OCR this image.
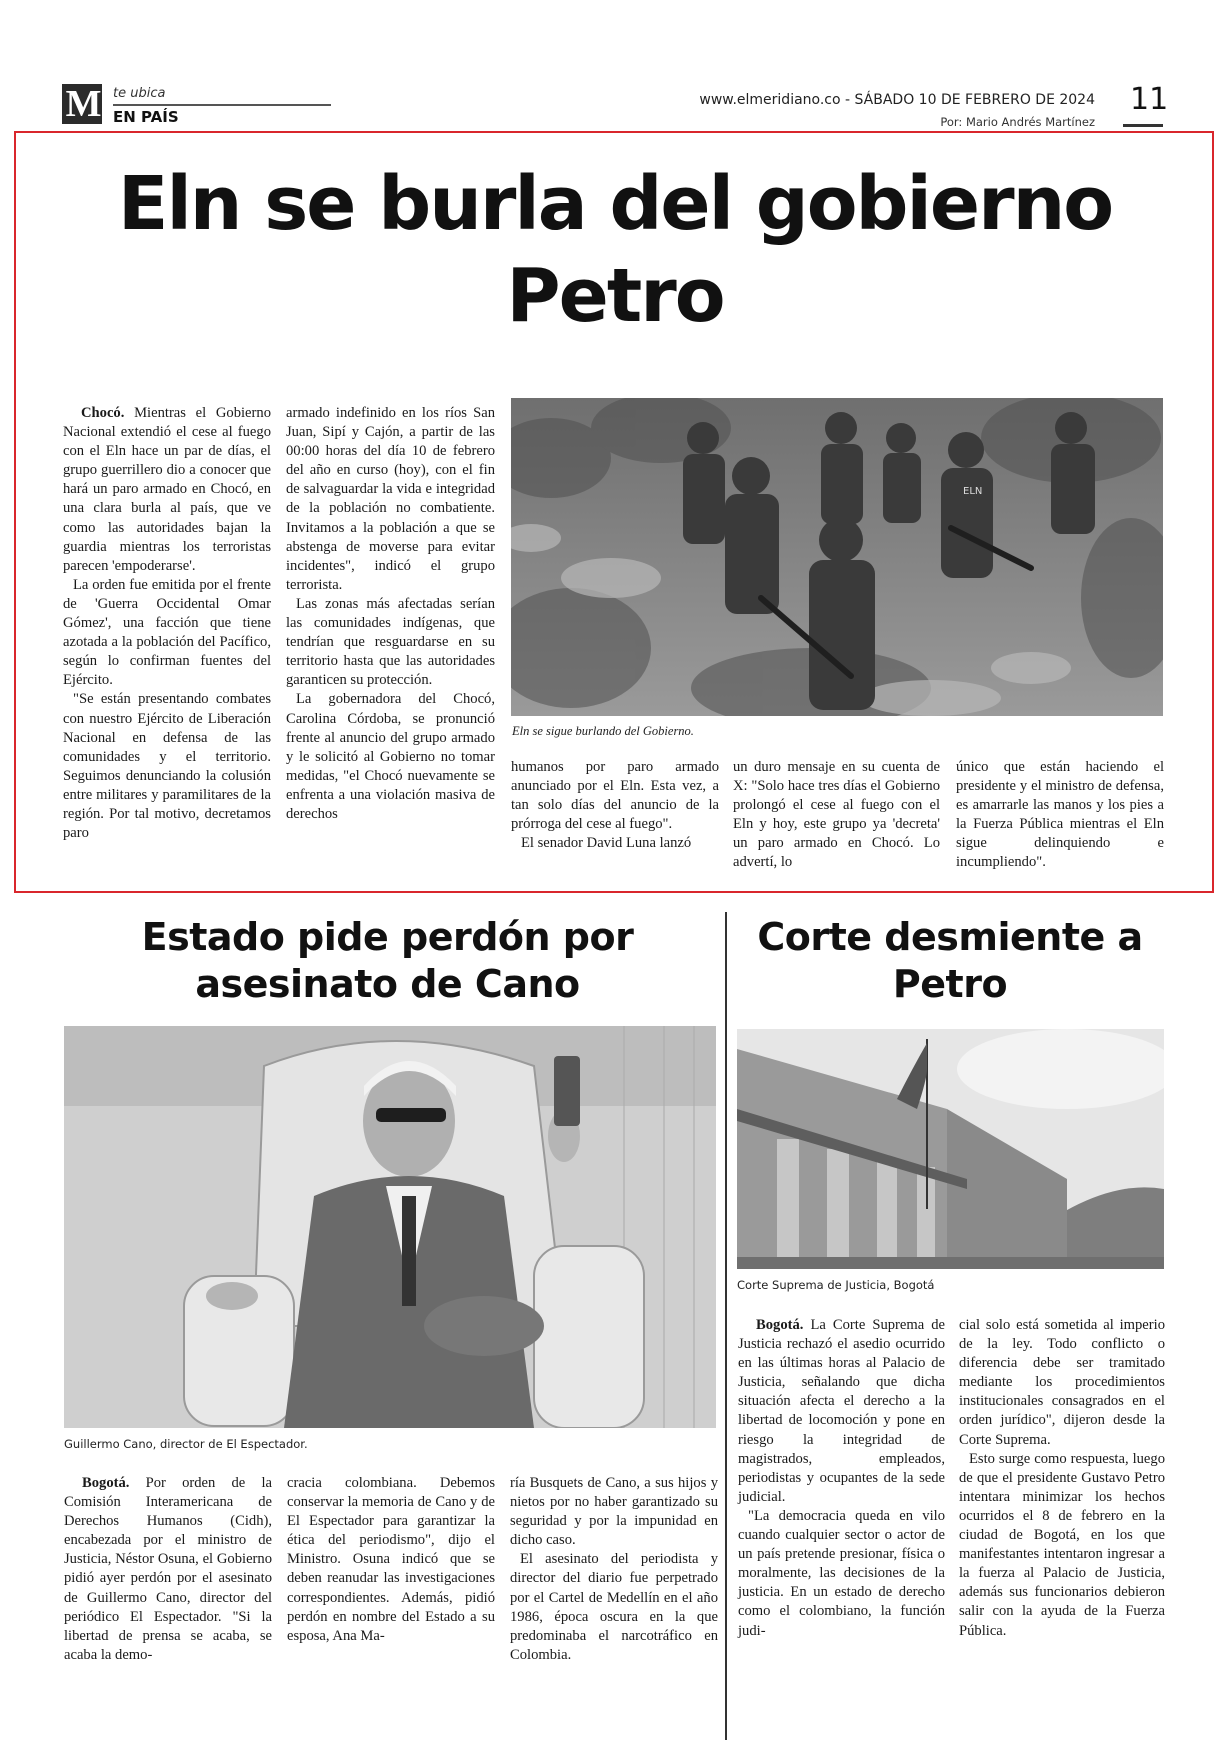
M te ubica
EN PAÍS
www.elmeridiano.co - SÁBADO 10 DE FEBRERO DE 2024
Por: Mario Andrés Martínez
11
Eln se burla del gobierno Petro

Chocó. Mientras el Gobierno Nacional extendió el cese al fuego con el Eln hace un par de días, el grupo guerrillero dio a conocer que hará un paro armado en Chocó, en una clara burla al país, que ve como las autoridades bajan la guardia mientras los terroristas parecen 'empoderarse'.

La orden fue emitida por el frente de 'Guerra Occidental Omar Gómez', una facción que tiene azotada a la población del Pacífico, según lo confirman fuentes del Ejército.

"Se están presentando combates con nuestro Ejército de Liberación Nacional en defensa de las comunidades y el territorio. Seguimos denunciando la colusión entre militares y paramilitares de la región. Por tal motivo, decretamos paro

armado indefinido en los ríos San Juan, Sipí y Cajón, a partir de las 00:00 horas del día 10 de febrero del año en curso (hoy), con el fin de salvaguardar la vida e integridad de la población no combatiente. Invitamos a la población a que se abstenga de moverse para evitar incidentes", indicó el grupo terrorista.

Las zonas más afectadas serían las comunidades indígenas, que tendrían que resguardarse en su territorio hasta que las autoridades garanticen su protección.

La gobernadora del Chocó, Carolina Córdoba, se pronunció frente al anuncio del grupo armado y le solicitó al Gobierno no tomar medidas, "el Chocó nuevamente se enfrenta a una violación masiva de derechos

ELN
Eln se sigue burlando del Gobierno.

humanos por paro armado anunciado por el Eln. Esta vez, a tan solo días del anuncio de la prórroga del cese al fuego".

El senador David Luna lanzó

un duro mensaje en su cuenta de X: "Solo hace tres días el Gobierno prolongó el cese al fuego con el Eln y hoy, este grupo ya 'decreta' un paro armado en Chocó. Lo advertí, lo

único que están haciendo el presidente y el ministro de defensa, es amarrarle las manos y los pies a la Fuerza Pública mientras el Eln sigue delinquiendo e incumpliendo".

Estado pide perdón por asesinato de Cano
Guillermo Cano, director de El Espectador.

Bogotá. Por orden de la Comisión Interamericana de Derechos Humanos (Cidh), encabezada por el ministro de Justicia, Néstor Osuna, el Gobierno pidió ayer perdón por el asesinato de Guillermo Cano, director del periódico El Espectador. "Si la libertad de prensa se acaba, se acaba la demo-

cracia colombiana. Debemos conservar la memoria de Cano y de El Espectador para garantizar la ética del periodismo", dijo el Ministro. Osuna indicó que se deben reanudar las investigaciones correspondientes. Además, pidió perdón en nombre del Estado a su esposa, Ana Ma-

ría Busquets de Cano, a sus hijos y nietos por no haber garantizado su seguridad y por la impunidad en dicho caso.

El asesinato del periodista y director del diario fue perpetrado por el Cartel de Medellín en el año 1986, época oscura en la que predominaba el narcotráfico en Colombia.

Corte desmiente a Petro
Corte Suprema de Justicia, Bogotá

Bogotá. La Corte Suprema de Justicia rechazó el asedio ocurrido en las últimas horas al Palacio de Justicia, señalando que dicha situación afecta el derecho a la libertad de locomoción y pone en riesgo la integridad de magistrados, empleados, periodistas y ocupantes de la sede judicial.

"La democracia queda en vilo cuando cualquier sector o actor de un país pretende presionar, física o moralmente, las decisiones de la justicia. En un estado de derecho como el colombiano, la función judi-

cial solo está sometida al imperio de la ley. Todo conflicto o diferencia debe ser tramitado mediante los procedimientos institucionales consagrados en el orden jurídico", dijeron desde la Corte Suprema.

Esto surge como respuesta, luego de que el presidente Gustavo Petro intentara minimizar los hechos ocurridos el 8 de febrero en la ciudad de Bogotá, en los que manifestantes intentaron ingresar a la fuerza al Palacio de Justicia, además sus funcionarios debieron salir con la ayuda de la Fuerza Pública.
